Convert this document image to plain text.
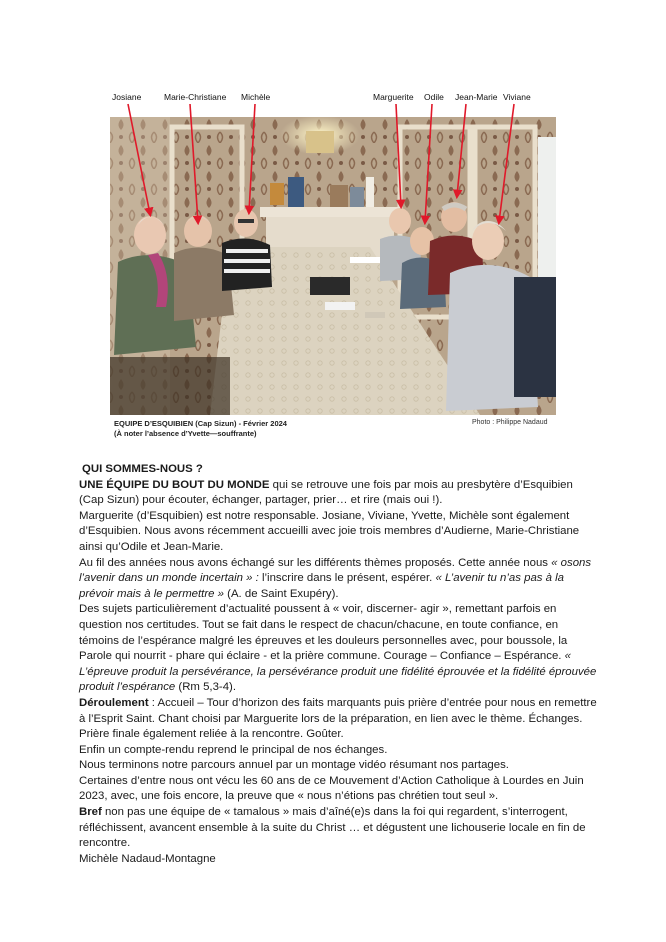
Josiane	Marie-Christiane Michèle	Marguerite Odile Jean-Marie Viviane
EQUIPE D’ESQUIBIEN (Cap Sizun) - Février 2024
(À noter l’absence d’Yvette—souffrante)
Photo : Philippe Nadaud

QUI SOMMES-NOUS ?

UNE ÉQUIPE DU BOUT DU MONDE qui se retrouve une fois par mois au presbytère d’Esquibien (Cap Sizun) pour écouter, échanger, partager, prier… et rire (mais oui !).

Marguerite (d’Esquibien) est notre responsable. Josiane, Viviane, Yvette, Michèle sont également d’Esquibien. Nous avons récemment accueilli avec joie trois membres d’Audierne, Marie-Christiane ainsi qu’Odile et Jean-Marie.

Au fil des années nous avons échangé sur les différents thèmes proposés. Cette année nous « osons l’avenir dans un monde incertain » : l’inscrire dans le présent, espérer. « L’avenir tu n’as pas à la prévoir mais à le permettre » (A. de Saint Exupéry).

Des sujets particulièrement d’actualité poussent à « voir, discerner- agir », remettant parfois en question nos certitudes. Tout se fait dans le respect de chacun/chacune, en toute confiance, en témoins de l’espérance malgré les épreuves et les douleurs personnelles avec, pour boussole, la Parole qui nourrit - phare qui éclaire - et la prière commune. Courage – Confiance – Espérance. « L’épreuve produit la persévérance, la persévérance produit une fidélité éprouvée et la fidélité éprouvée produit l’espérance (Rm 5,3-4).

Déroulement : Accueil – Tour d’horizon des faits marquants puis prière d’entrée pour nous en remettre à l’Esprit Saint. Chant choisi par Marguerite lors de la préparation, en lien avec le thème. Échanges. Prière finale également reliée à la rencontre. Goûter.

Enfin un compte-rendu reprend le principal de nos échanges.

Nous terminons notre parcours annuel par un montage vidéo résumant nos partages.

Certaines d’entre nous ont vécu les 60 ans de ce Mouvement d’Action Catholique à Lourdes en Juin 2023, avec, une fois encore, la preuve que « nous n’étions pas chrétien tout seul ».

Bref non pas une équipe de « tamalous » mais d’aîné(e)s dans la foi qui regardent, s’interrogent, réfléchissent, avancent ensemble à la suite du Christ … et dégustent une lichouserie locale en fin de rencontre.

Michèle Nadaud-Montagne
